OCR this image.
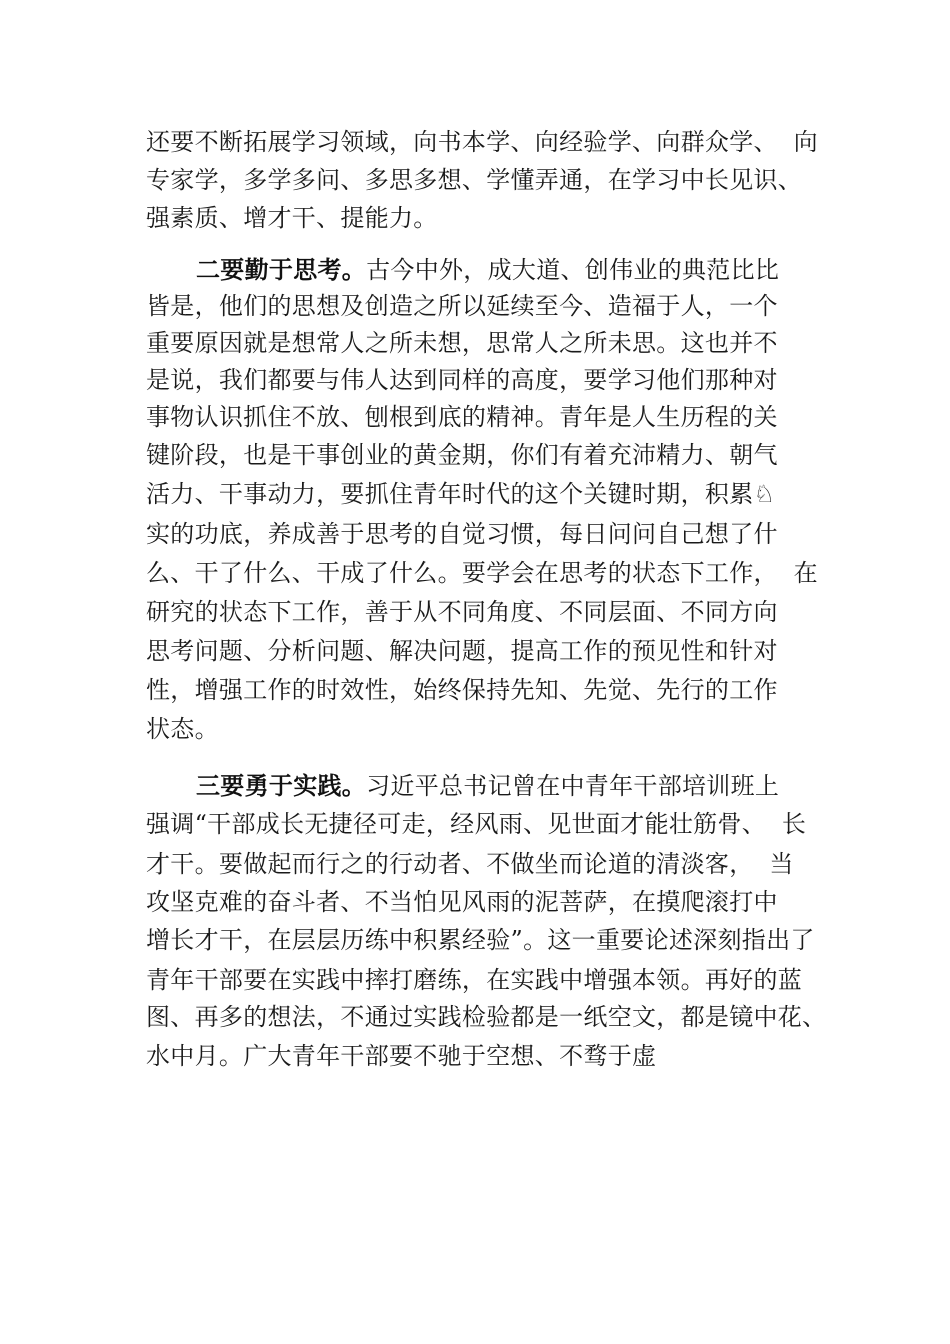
还要不断拓展学习领域，向书本学、向经验学、向群众学、  向
专家学，多学多问、多思多想、学懂弄通，在学习中长见识、
强素质、增才干、提能力。
二要勤于思考。古今中外，成大道、创伟业的典范比比
皆是，他们的思想及创造之所以延续至今、造福于人，一个
重要原因就是想常人之所未想，思常人之所未思。这也并不
是说，我们都要与伟人达到同样的高度，要学习他们那种对
事物认识抓住不放、刨根到底的精神。青年是人生历程的关
键阶段，也是干事创业的黄金期，你们有着充沛精力、朝气
活力、干事动力，要抓住青年时代的这个关键时期，积累♘
实的功底，养成善于思考的自觉习惯，每日问问自己想了什
么、干了什么、干成了什么。要学会在思考的状态下工作，  在
研究的状态下工作，善于从不同角度、不同层面、不同方向
思考问题、分析问题、解决问题，提高工作的预见性和针对
性，增强工作的时效性，始终保持先知、先觉、先行的工作
状态。
三要勇于实践。习近平总书记曾在中青年干部培训班上
强调“干部成长无捷径可走，经风雨、见世面才能壮筋骨、  长
才干。要做起而行之的行动者、不做坐而论道的清淡客，  当
攻坚克难的奋斗者、不当怕见风雨的泥菩萨，在摸爬滚打中
增长才干，在层层历练中积累经验”。这一重要论述深刻指出了
青年干部要在实践中摔打磨练，在实践中增强本领。再好的蓝
图、再多的想法，不通过实践检验都是一纸空文，都是镜中花、
水中月。广大青年干部要不驰于空想、不骛于虚
